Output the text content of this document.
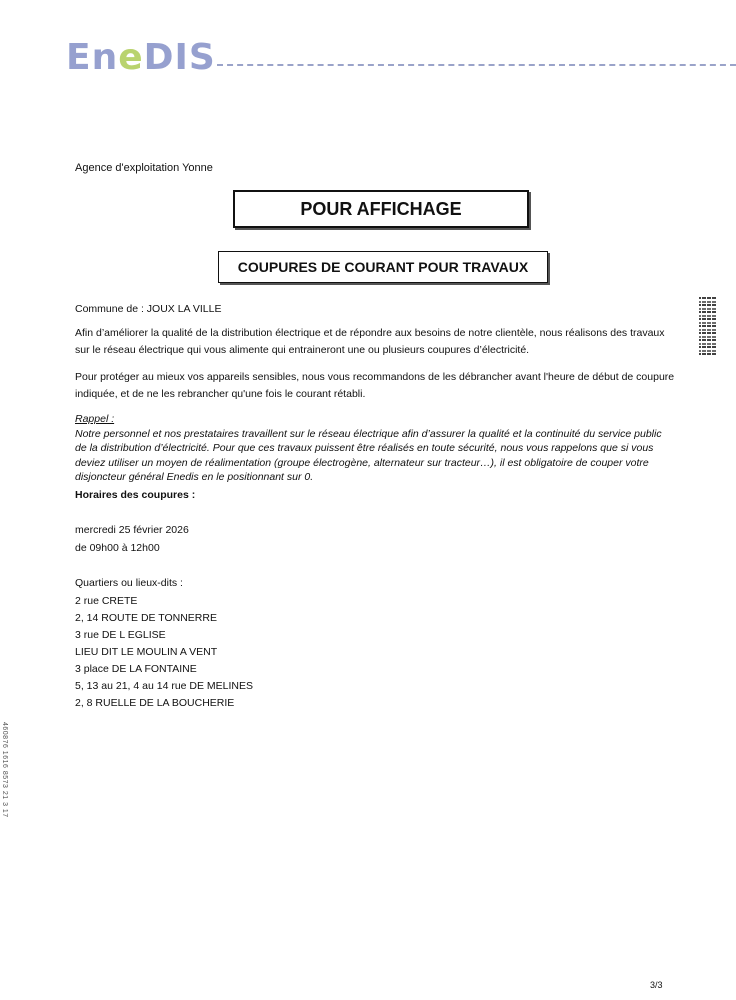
EneDIS
Agence d'exploitation Yonne
POUR AFFICHAGE
COUPURES DE COURANT POUR TRAVAUX
Commune de : JOUX LA VILLE
Afin d’améliorer la qualité de la distribution électrique et de répondre aux besoins de notre clientèle, nous réalisons des travaux sur le réseau électrique qui vous alimente qui entraineront une ou plusieurs coupures d’électricité.
Pour protéger au mieux vos appareils sensibles, nous vous recommandons de les débrancher avant l'heure de début de coupure indiquée, et de ne les rebrancher qu'une fois le courant rétabli.
Rappel :
Notre personnel et nos prestataires travaillent sur le réseau électrique afin d’assurer la qualité et la continuité du service public de la distribution d’électricité. Pour que ces travaux puissent être réalisés en toute sécurité, nous vous rappelons que si vous deviez utiliser un moyen de réalimentation (groupe électrogène, alternateur sur tracteur…), il est obligatoire de couper votre disjoncteur général Enedis en le positionnant sur 0.
Horaires des coupures :
mercredi 25 février 2026
de 09h00 à 12h00
Quartiers ou lieux-dits :
2 rue CRETE
2, 14 ROUTE DE TONNERRE
3 rue DE L EGLISE
LIEU DIT LE MOULIN A VENT
3 place DE LA FONTAINE
5, 13 au 21, 4 au 14 rue DE MELINES
2, 8 RUELLE DE LA BOUCHERIE
460876 1616 8573 21 3 17
3/3
